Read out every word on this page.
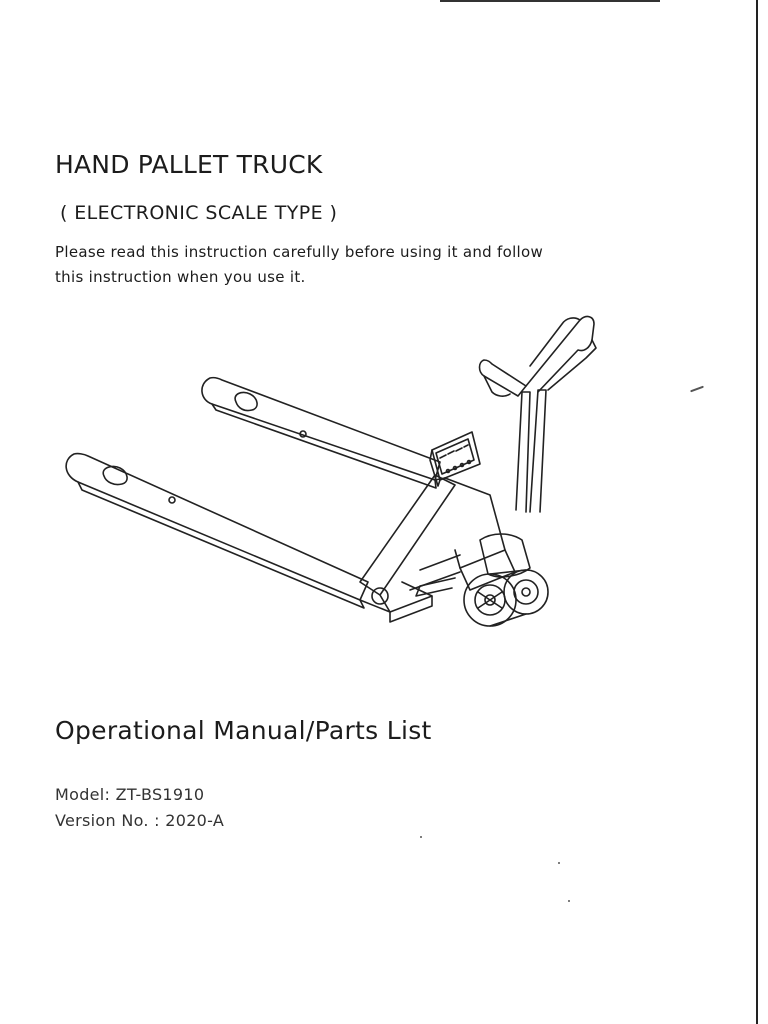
HAND PALLET TRUCK
( ELECTRONIC SCALE TYPE )
Please read this instruction carefully before using it and follow
this instruction when you use it.
Operational Manual/Parts List
Model: ZT-BS1910
Version No. : 2020-A
